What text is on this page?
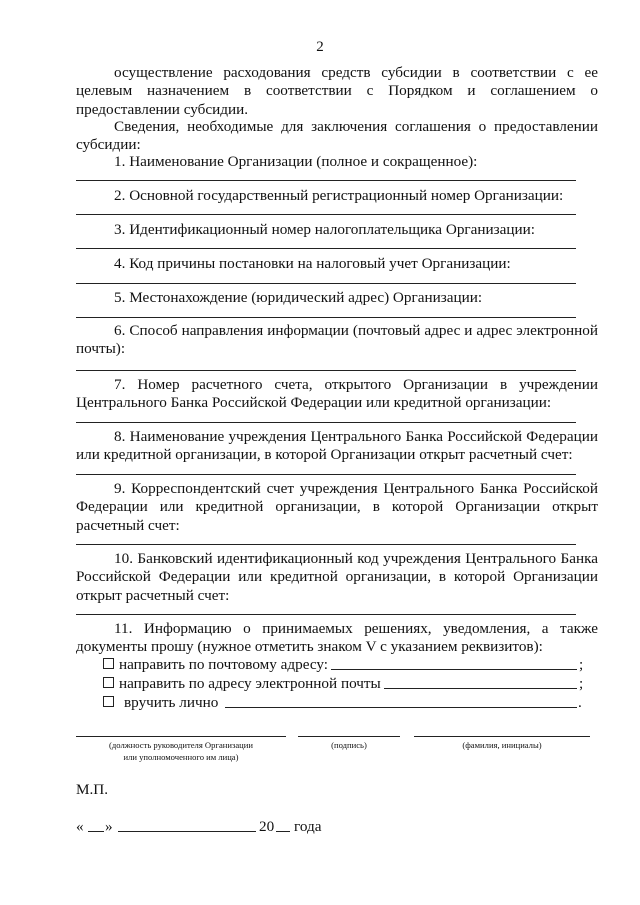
2
осуществление расходования средств субсидии в соответствии с ее целевым назначением в соответствии с Порядком и соглашением о предоставлении субсидии.
Сведения, необходимые для заключения соглашения о предоставлении субсидии:
1. Наименование Организации (полное и сокращенное):
2. Основной государственный регистрационный номер Организации:
3. Идентификационный номер налогоплательщика Организации:
4. Код причины постановки на налоговый учет Организации:
5. Местонахождение (юридический адрес) Организации:
6. Способ направления информации (почтовый адрес и адрес электронной почты):
7. Номер расчетного счета, открытого Организации в учреждении Центрального Банка Российской Федерации или кредитной организации:
8. Наименование учреждения Центрального Банка Российской Федерации или кредитной организации, в которой Организации открыт расчетный счет:
9. Корреспондентский счет учреждения Центрального Банка Российской Федерации или кредитной организации, в которой Организации открыт расчетный счет:
10. Банковский идентификационный код учреждения Центрального Банка Российской Федерации или кредитной организации, в которой Организации открыт расчетный счет:
11. Информацию о принимаемых решениях, уведомления, а также документы прошу (нужное отметить знаком V с указанием реквизитов):
направить по почтовому адресу:	;
направить по адресу электронной почты	;
вручить лично	.
(должность руководителя Организации
или уполномоченного им лица)
(подпись)	(фамилия, инициалы)
М.П.
« »	20 года
